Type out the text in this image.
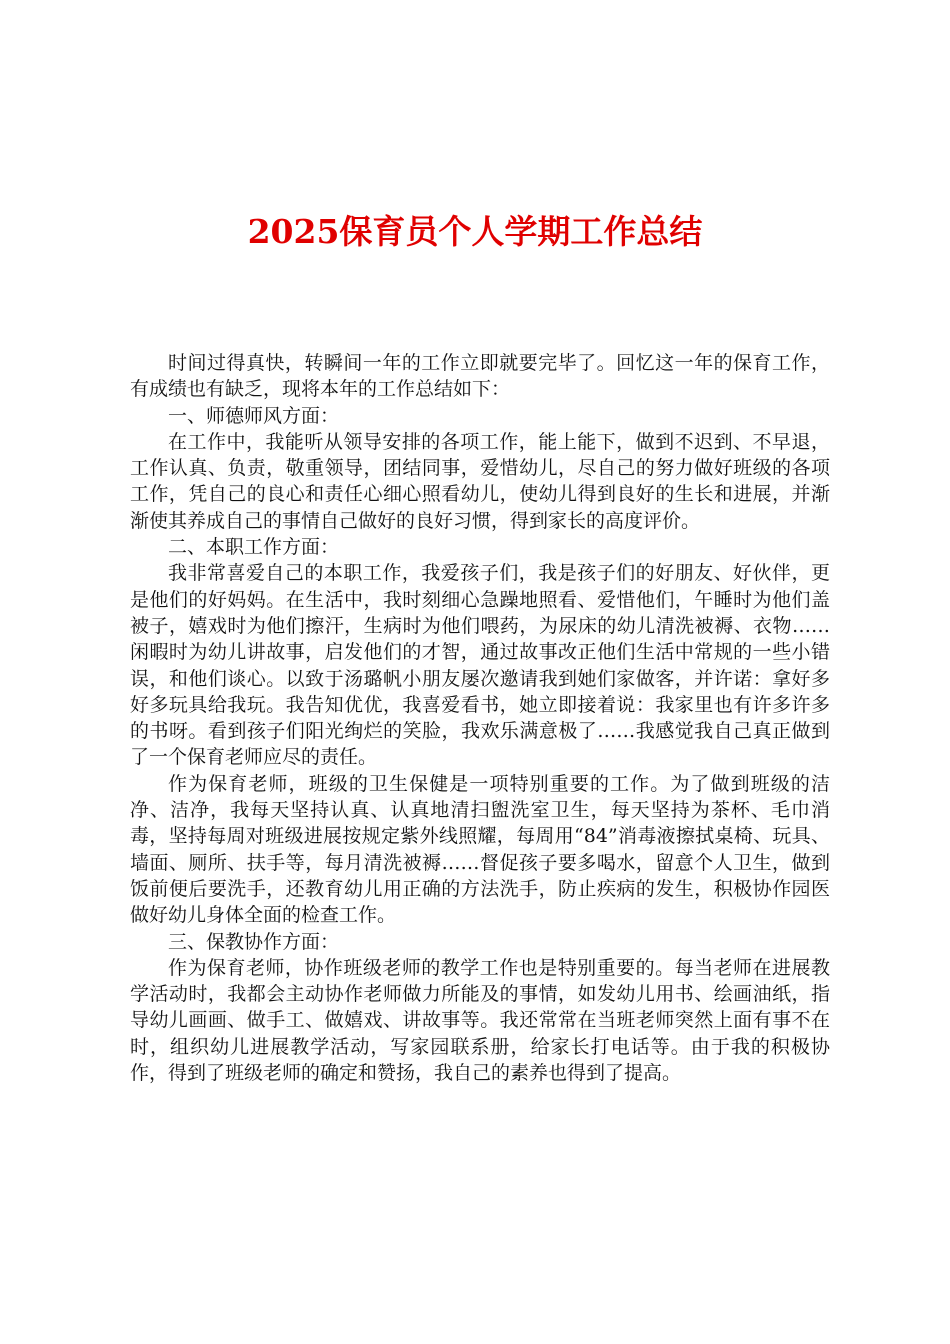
2025保育员个人学期工作总结

时间过得真快，转瞬间一年的工作立即就要完毕了。回忆这一年的保育工作，有成绩也有缺乏，现将本年的工作总结如下：

一、师德师风方面：

在工作中，我能听从领导安排的各项工作，能上能下，做到不迟到、不早退，工作认真、负责，敬重领导，团结同事，爱惜幼儿，尽自己的努力做好班级的各项工作，凭自己的良心和责任心细心照看幼儿，使幼儿得到良好的生长和进展，并渐渐使其养成自己的事情自己做好的良好习惯，得到家长的高度评价。

二、本职工作方面：

我非常喜爱自己的本职工作，我爱孩子们，我是孩子们的好朋友、好伙伴，更是他们的好妈妈。在生活中，我时刻细心急躁地照看、爱惜他们，午睡时为他们盖被子，嬉戏时为他们擦汗，生病时为他们喂药，为尿床的幼儿清洗被褥、衣物……闲暇时为幼儿讲故事，启发他们的才智，通过故事改正他们生活中常规的一些小错误，和他们谈心。以致于汤璐帆小朋友屡次邀请我到她们家做客，并许诺：拿好多好多玩具给我玩。我告知优优，我喜爱看书，她立即接着说：我家里也有许多许多的书呀。看到孩子们阳光绚烂的笑脸，我欢乐满意极了……我感觉我自己真正做到了一个保育老师应尽的责任。

作为保育老师，班级的卫生保健是一项特别重要的工作。为了做到班级的洁净、洁净，我每天坚持认真、认真地清扫盥洗室卫生，每天坚持为茶杯、毛巾消毒，坚持每周对班级进展按规定紫外线照耀，每周用“84”消毒液擦拭桌椅、玩具、墙面、厕所、扶手等，每月清洗被褥……督促孩子要多喝水，留意个人卫生，做到饭前便后要洗手，还教育幼儿用正确的方法洗手，防止疾病的发生，积极协作园医做好幼儿身体全面的检查工作。

三、保教协作方面：

作为保育老师，协作班级老师的教学工作也是特别重要的。每当老师在进展教学活动时，我都会主动协作老师做力所能及的事情，如发幼儿用书、绘画油纸，指导幼儿画画、做手工、做嬉戏、讲故事等。我还常常在当班老师突然上面有事不在时，组织幼儿进展教学活动，写家园联系册，给家长打电话等。由于我的积极协作，得到了班级老师的确定和赞扬，我自己的素养也得到了提高。
